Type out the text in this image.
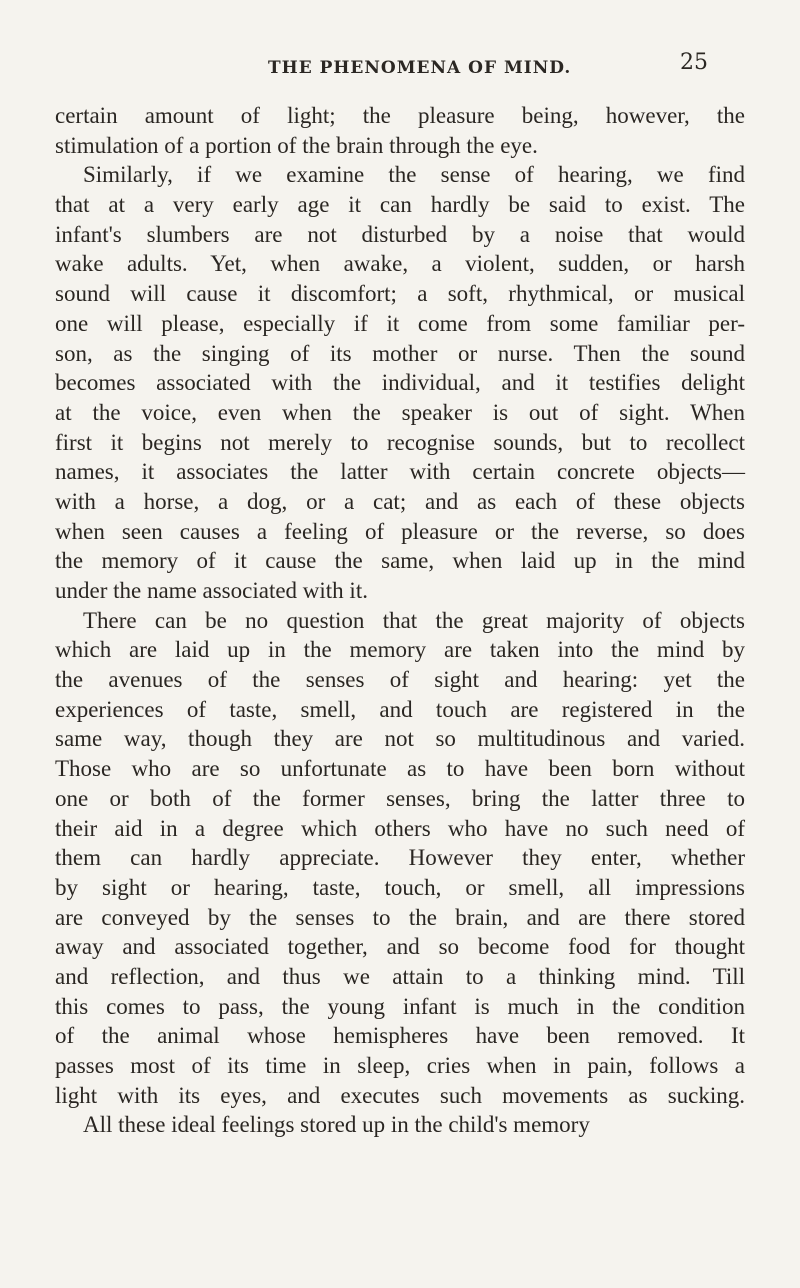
THE PHENOMENA OF MIND.	25
certain amount of light; the pleasure being, however, the
stimulation of a portion of the brain through the eye.
Similarly, if we examine the sense of hearing, we find
that at a very early age it can hardly be said to exist. The
infant's slumbers are not disturbed by a noise that would
wake adults. Yet, when awake, a violent, sudden, or harsh
sound will cause it discomfort; a soft, rhythmical, or musical
one will please, especially if it come from some familiar per-
son, as the singing of its mother or nurse. Then the sound
becomes associated with the individual, and it testifies delight
at the voice, even when the speaker is out of sight. When
first it begins not merely to recognise sounds, but to recollect
names, it associates the latter with certain concrete objects—
with a horse, a dog, or a cat; and as each of these objects
when seen causes a feeling of pleasure or the reverse, so does
the memory of it cause the same, when laid up in the mind
under the name associated with it.
There can be no question that the great majority of objects
which are laid up in the memory are taken into the mind by
the avenues of the senses of sight and hearing: yet the
experiences of taste, smell, and touch are registered in the
same way, though they are not so multitudinous and varied.
Those who are so unfortunate as to have been born without
one or both of the former senses, bring the latter three to
their aid in a degree which others who have no such need of
them can hardly appreciate. However they enter, whether
by sight or hearing, taste, touch, or smell, all impressions
are conveyed by the senses to the brain, and are there stored
away and associated together, and so become food for thought
and reflection, and thus we attain to a thinking mind. Till
this comes to pass, the young infant is much in the condition
of the animal whose hemispheres have been removed. It
passes most of its time in sleep, cries when in pain, follows a
light with its eyes, and executes such movements as sucking.
All these ideal feelings stored up in the child's memory
